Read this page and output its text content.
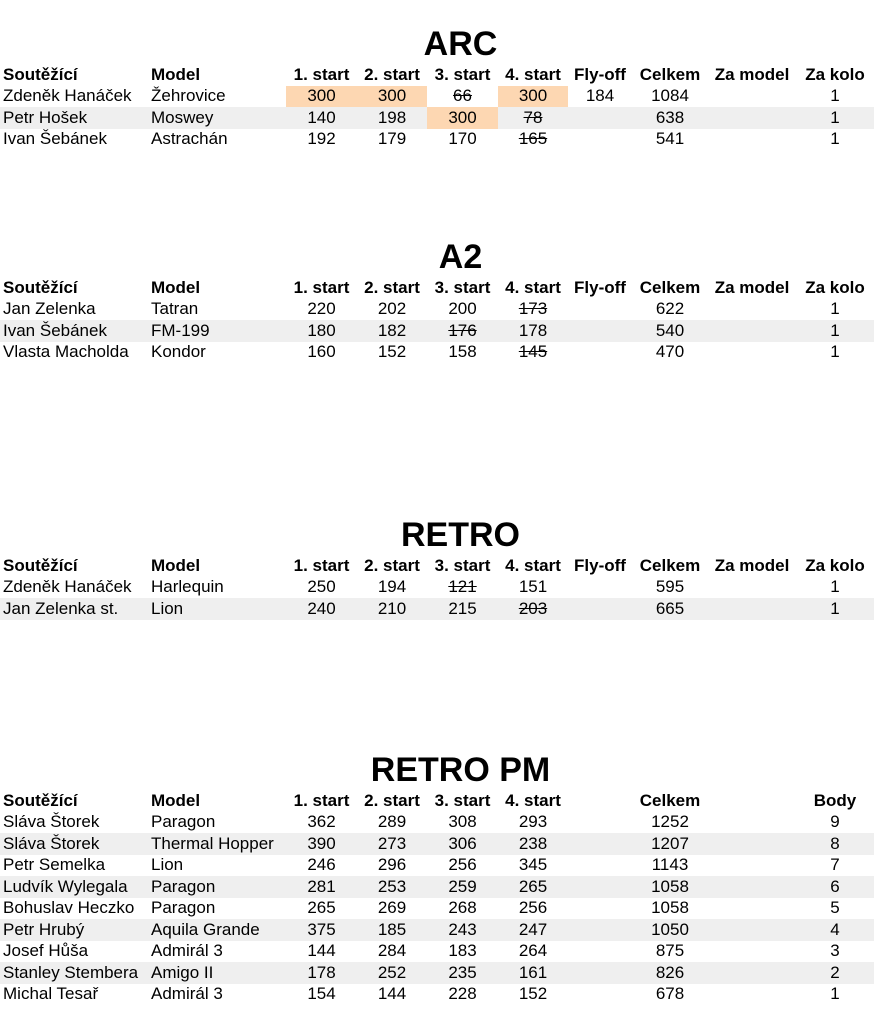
ARC
Soutěžící	Model	1. start	2. start	3. start	4. start	Fly-off	Celkem	Za model	Za kolo
Zdeněk Hanáček	Žehrovice	300	300	66	300	184	1084		1
Petr Hošek	Moswey	140	198	300	78		638		1
Ivan Šebánek	Astrachán	192	179	170	165		541		1
A2
Soutěžící	Model	1. start	2. start	3. start	4. start	Fly-off	Celkem	Za model	Za kolo
Jan Zelenka	Tatran	220	202	200	173		622		1
Ivan Šebánek	FM-199	180	182	176	178		540		1
Vlasta Macholda	Kondor	160	152	158	145		470		1
RETRO
Soutěžící	Model	1. start	2. start	3. start	4. start	Fly-off	Celkem	Za model	Za kolo
Zdeněk Hanáček	Harlequin	250	194	121	151		595		1
Jan Zelenka st.	Lion	240	210	215	203		665		1
RETRO PM
Soutěžící	Model	1. start	2. start	3. start	4. start		Celkem		Body
Sláva Štorek	Paragon	362	289	308	293		1252		9
Sláva Štorek	Thermal Hopper	390	273	306	238		1207		8
Petr Semelka	Lion	246	296	256	345		1143		7
Ludvík Wylegala	Paragon	281	253	259	265		1058		6
Bohuslav Heczko	Paragon	265	269	268	256		1058		5
Petr Hrubý	Aquila Grande	375	185	243	247		1050		4
Josef Hůša	Admirál 3	144	284	183	264		875		3
Stanley Stembera	Amigo II	178	252	235	161		826		2
Michal Tesař	Admirál 3	154	144	228	152		678		1
